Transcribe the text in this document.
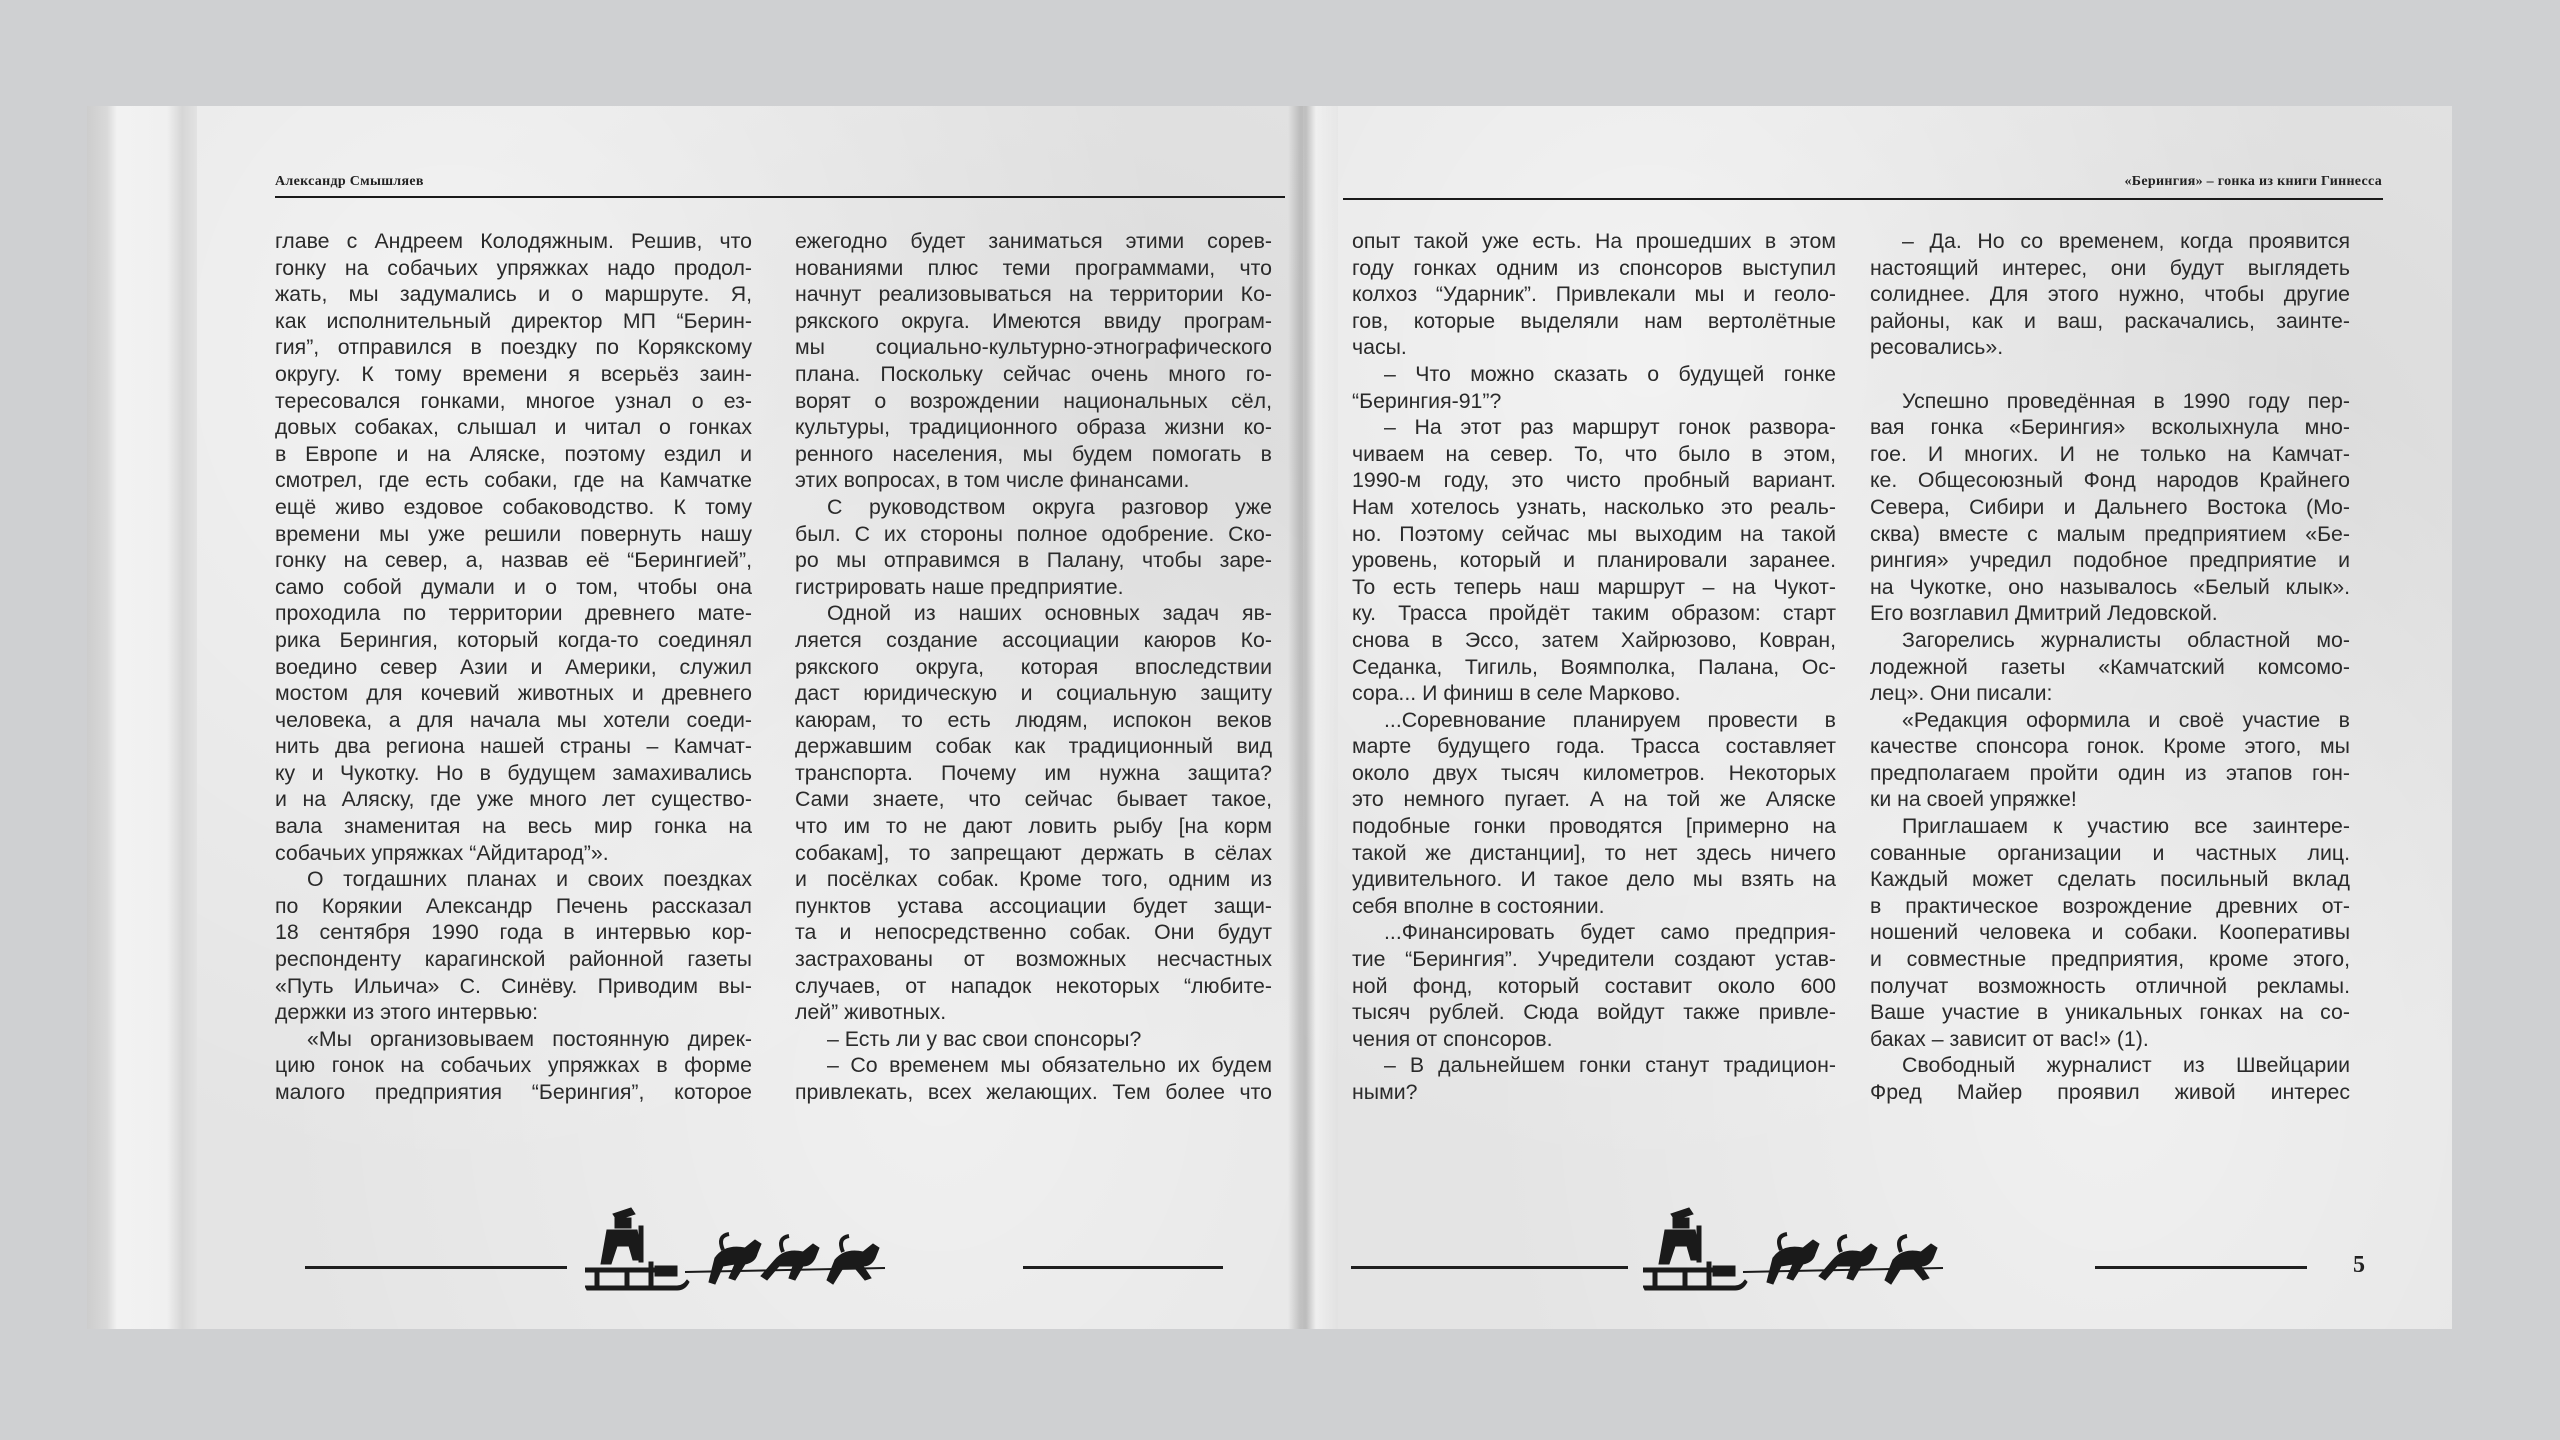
Александр Смышляев
главе с Андреем Колодяжным. Решив, что
гонку на собачьих упряжках надо продол-
жать, мы задумались и о маршруте. Я,
как исполнительный директор МП “Берин-
гия”, отправился в поездку по Корякскому
округу. К тому времени я всерьёз заин-
тересовался гонками, многое узнал о ез-
довых собаках, слышал и читал о гонках
в Европе и на Аляске, поэтому ездил и
смотрел, где есть собаки, где на Камчатке
ещё живо ездовое собаководство. К тому
времени мы уже решили повернуть нашу
гонку на север, а, назвав её “Берингией”,
само собой думали и о том, чтобы она
проходила по территории древнего мате-
рика Берингия, который когда-то соединял
воедино север Азии и Америки, служил
мостом для кочевий животных и древнего
человека, а для начала мы хотели соеди-
нить два региона нашей страны – Камчат-
ку и Чукотку. Но в будущем замахивались
и на Аляску, где уже много лет существо-
вала знаменитая на весь мир гонка на
собачьих упряжках “Айдитарод”».
О тогдашних планах и своих поездках
по Корякии Александр Печень рассказал
18 сентября 1990 года в интервью кор-
респонденту карагинской районной газеты
«Путь Ильича» С. Синёву. Приводим вы-
держки из этого интервью:
«Мы организовываем постоянную дирек-
цию гонок на собачьих упряжках в форме
малого предприятия “Берингия”, которое
ежегодно будет заниматься этими сорев-
нованиями плюс теми программами, что
начнут реализовываться на территории Ко-
рякского округа. Имеются ввиду програм-
мы социально-культурно-этнографического
плана. Поскольку сейчас очень много го-
ворят о возрождении национальных сёл,
культуры, традиционного образа жизни ко-
ренного населения, мы будем помогать в
этих вопросах, в том числе финансами.
С руководством округа разговор уже
был. С их стороны полное одобрение. Ско-
ро мы отправимся в Палану, чтобы заре-
гистрировать наше предприятие.
Одной из наших основных задач яв-
ляется создание ассоциации каюров Ко-
рякского округа, которая впоследствии
даст юридическую и социальную защиту
каюрам, то есть людям, испокон веков
державшим собак как традиционный вид
транспорта. Почему им нужна защита?
Сами знаете, что сейчас бывает такое,
что им то не дают ловить рыбу [на корм
собакам], то запрещают держать в сёлах
и посёлках собак. Кроме того, одним из
пунктов устава ассоциации будет защи-
та и непосредственно собак. Они будут
застрахованы от возможных несчастных
случаев, от нападок некоторых “любите-
лей” животных.
– Есть ли у вас свои спонсоры?
– Со временем мы обязательно их будем
привлекать, всех желающих. Тем более что
«Берингия» – гонка из книги Гиннесса
опыт такой уже есть. На прошедших в этом
году гонках одним из спонсоров выступил
колхоз “Ударник”. Привлекали мы и геоло-
гов, которые выделяли нам вертолётные
часы.
– Что можно сказать о будущей гонке
“Берингия-91”?
– На этот раз маршрут гонок развора-
чиваем на север. То, что было в этом,
1990-м году, это чисто пробный вариант.
Нам хотелось узнать, насколько это реаль-
но. Поэтому сейчас мы выходим на такой
уровень, который и планировали заранее.
То есть теперь наш маршрут – на Чукот-
ку. Трасса пройдёт таким образом: старт
снова в Эссо, затем Хайрюзово, Ковран,
Седанка, Тигиль, Воямполка, Палана, Ос-
сора... И финиш в селе Марково.
...Соревнование планируем провести в
марте будущего года. Трасса составляет
около двух тысяч километров. Некоторых
это немного пугает. А на той же Аляске
подобные гонки проводятся [примерно на
такой же дистанции], то нет здесь ничего
удивительного. И такое дело мы взять на
себя вполне в состоянии.
...Финансировать будет само предприя-
тие “Берингия”. Учредители создают устав-
ной фонд, который составит около 600
тысяч рублей. Сюда войдут также привле-
чения от спонсоров.
– В дальнейшем гонки станут традицион-
ными?
– Да. Но со временем, когда проявится
настоящий интерес, они будут выглядеть
солиднее. Для этого нужно, чтобы другие
районы, как и ваш, раскачались, заинте-
ресовались».
Успешно проведённая в 1990 году пер-
вая гонка «Берингия» всколыхнула мно-
гое. И многих. И не только на Камчат-
ке. Общесоюзный Фонд народов Крайнего
Севера, Сибири и Дальнего Востока (Мо-
сква) вместе с малым предприятием «Бе-
рингия» учредил подобное предприятие и
на Чукотке, оно называлось «Белый клык».
Его возглавил Дмитрий Ледовской.
Загорелись журналисты областной мо-
лодежной газеты «Камчатский комсомо-
лец». Они писали:
«Редакция оформила и своё участие в
качестве спонсора гонок. Кроме этого, мы
предполагаем пройти один из этапов гон-
ки на своей упряжке!
Приглашаем к участию все заинтере-
сованные организации и частных лиц.
Каждый может сделать посильный вклад
в практическое возрождение древних от-
ношений человека и собаки. Кооперативы
и совместные предприятия, кроме этого,
получат возможность отличной рекламы.
Ваше участие в уникальных гонках на со-
баках – зависит от вас!» (1).
Свободный журналист из Швейцарии
Фред Майер проявил живой интерес
5
